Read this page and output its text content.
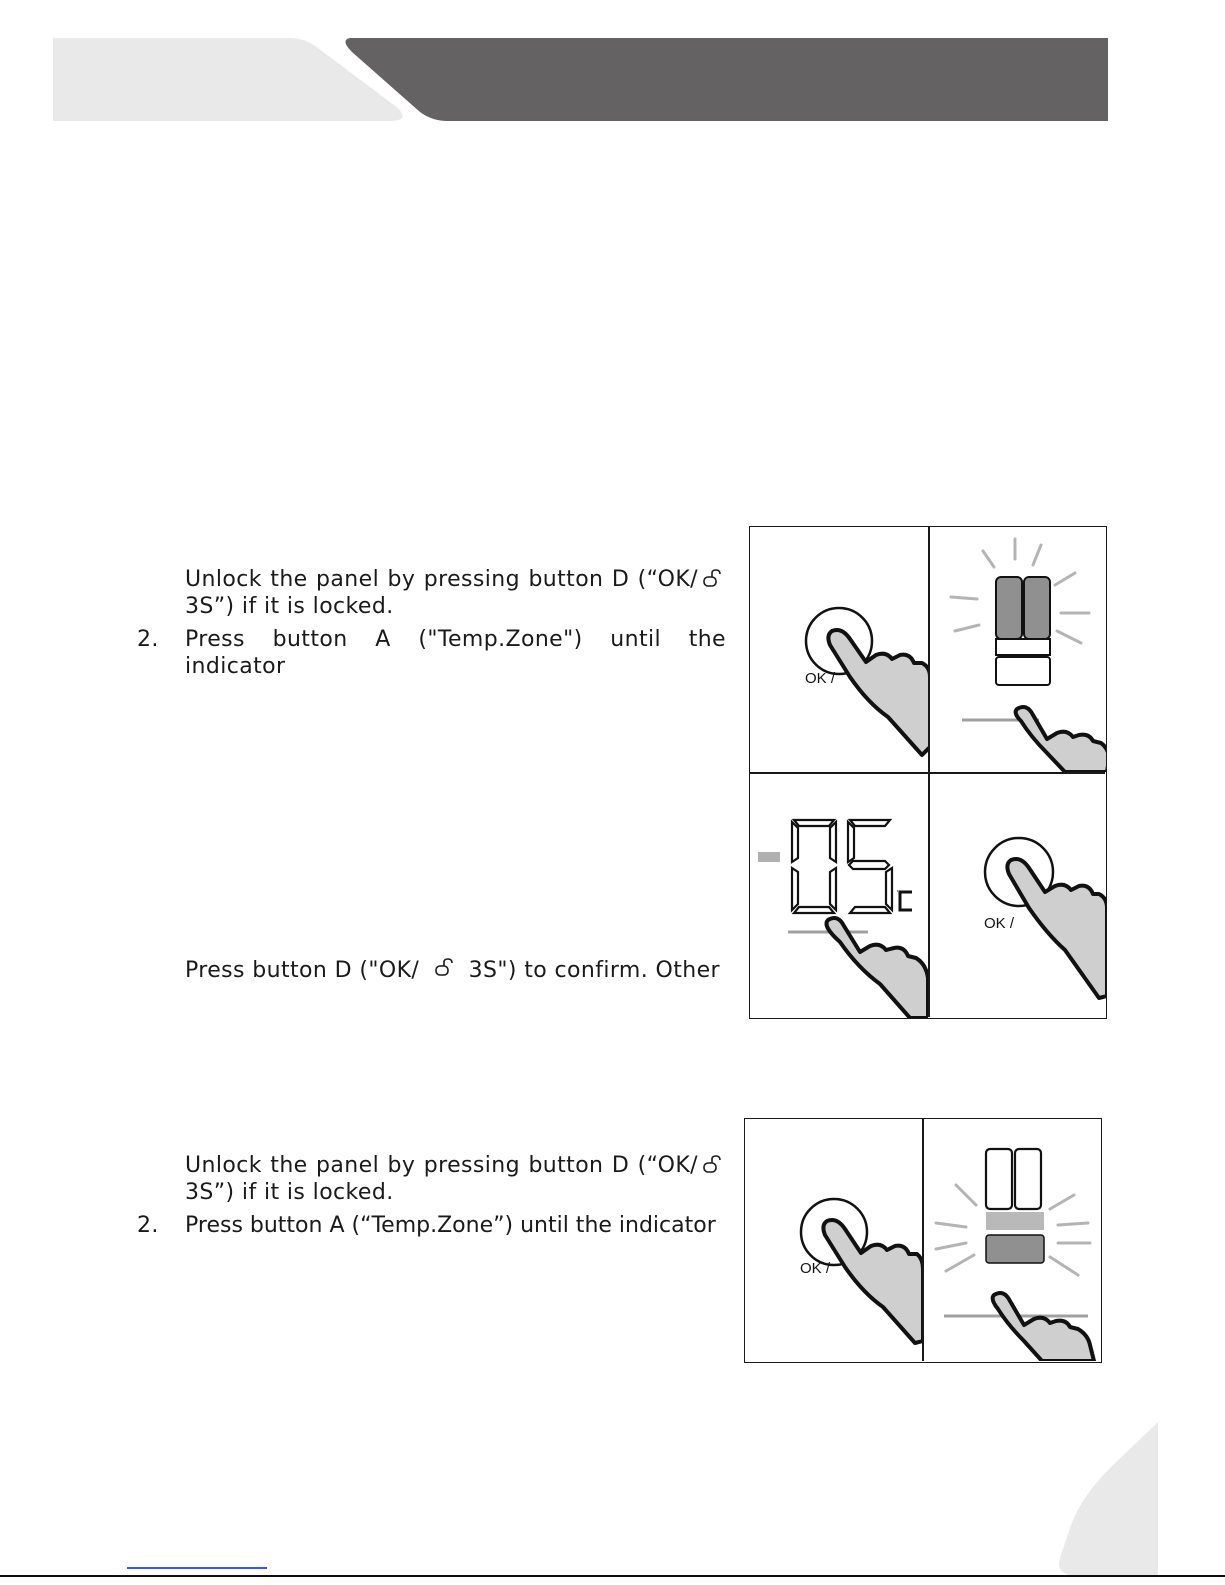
Unlock the panel by pressing button D (“OK/
3S”) if it is locked.
2. Press button A ("Temp.Zone") until the indicator
Press button D ("OK/ 3S") to confirm. Other
Unlock the panel by pressing button D (“OK/
3S”) if it is locked.
2. Press button A (“Temp.Zone”) until the indicator
OK /
·
OK /
OK /
